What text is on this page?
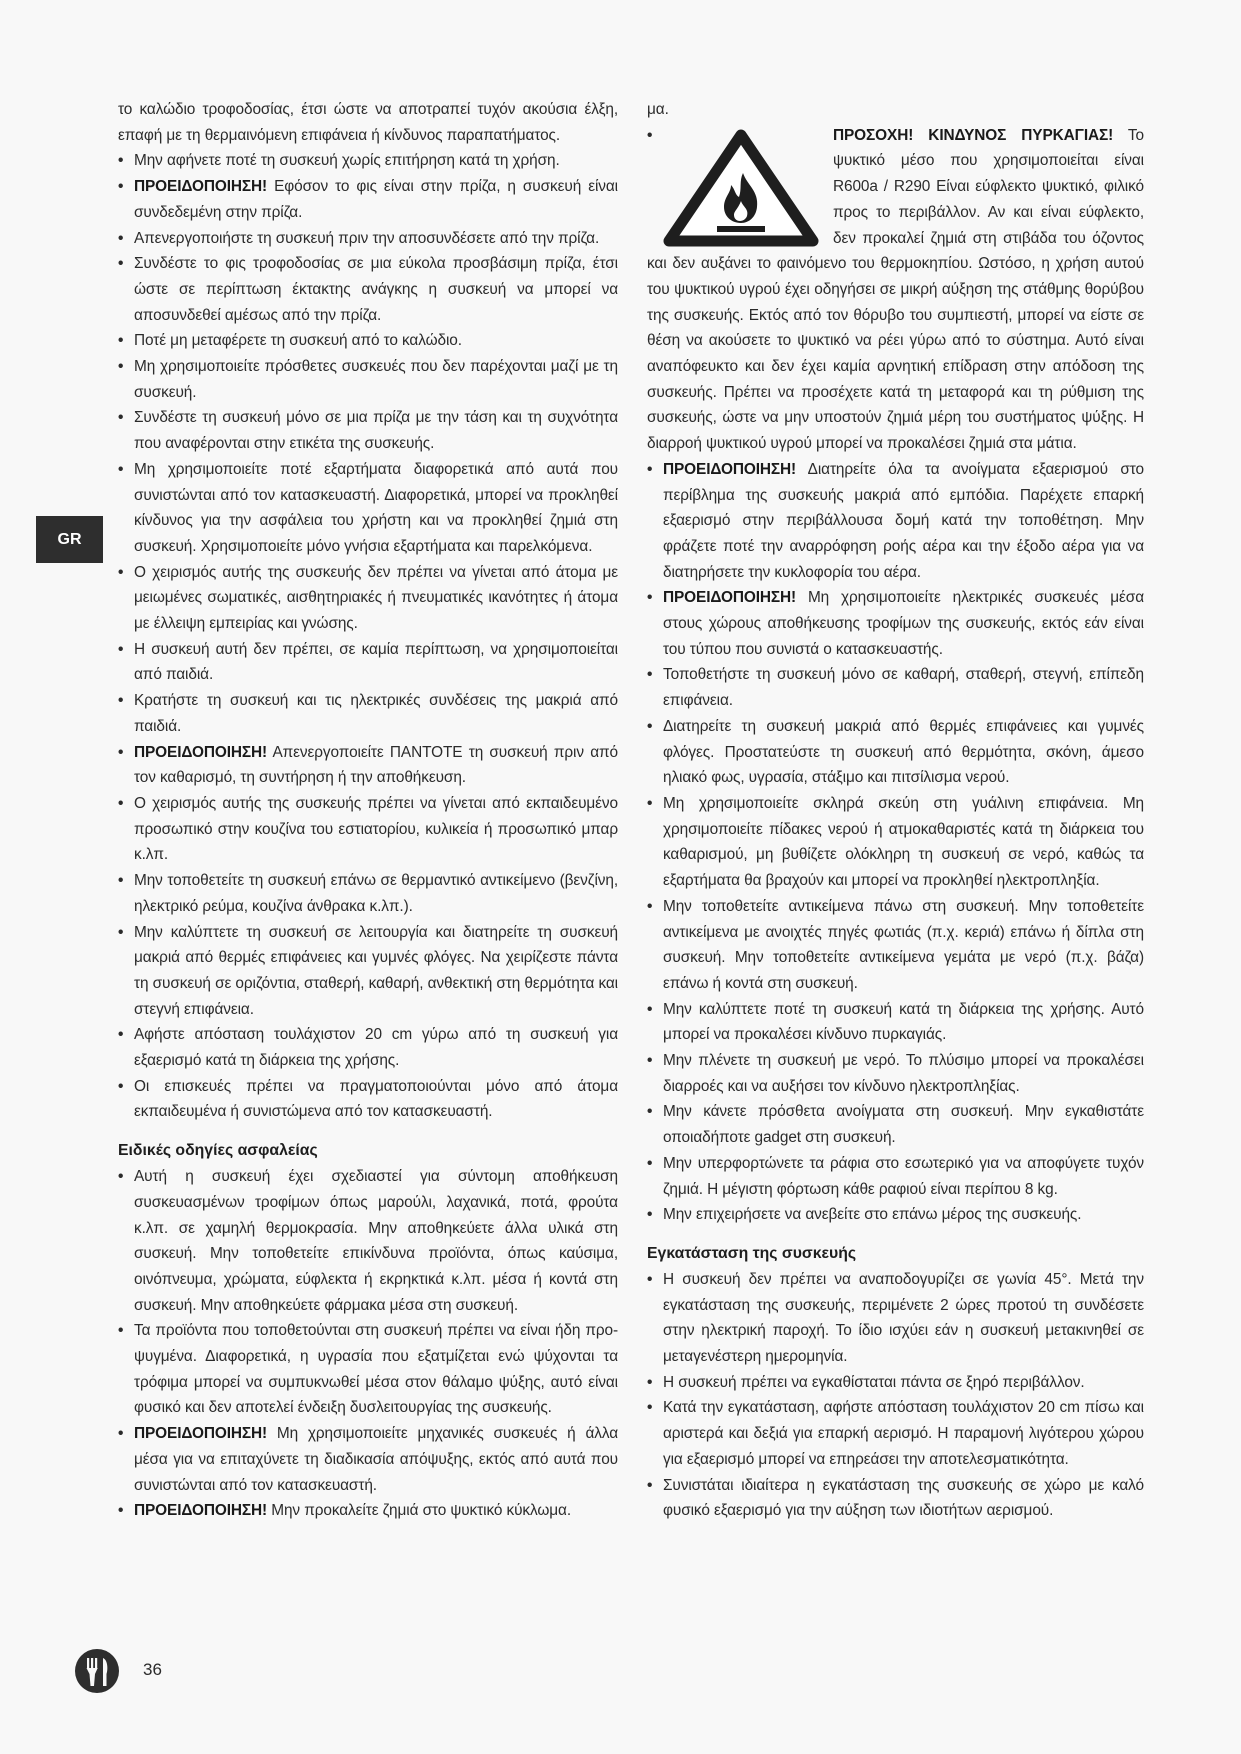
GR

το καλώδιο τροφοδοσίας, έτσι ώστε να αποτραπεί τυχόν ακούσια έλξη, επαφή με τη θερμαινόμενη επιφάνεια ή κίνδυνος παραπατήματος.

• Μην αφήνετε ποτέ τη συσκευή χωρίς επιτήρηση κατά τη χρήση.
• ΠΡΟΕΙΔΟΠΟΙΗΣΗ! Εφόσον το φις είναι στην πρίζα, η συσκευή είναι συνδεδεμένη στην πρίζα.
• Απενεργοποιήστε τη συσκευή πριν την αποσυνδέσετε από την πρίζα.
• Συνδέστε το φις τροφοδοσίας σε μια εύκολα προσβάσιμη πρίζα, έτσι ώστε σε περίπτωση έκτακτης ανάγκης η συσκευή να μπορεί να αποσυνδεθεί αμέσως από την πρίζα.
• Ποτέ μη μεταφέρετε τη συσκευή από το καλώδιο.
• Μη χρησιμοποιείτε πρόσθετες συσκευές που δεν παρέχονται μαζί με τη συσκευή.
• Συνδέστε τη συσκευή μόνο σε μια πρίζα με την τάση και τη συχνότητα που αναφέρονται στην ετικέτα της συσκευής.
• Μη χρησιμοποιείτε ποτέ εξαρτήματα διαφορετικά από αυτά που συνιστώνται από τον κατασκευαστή. Διαφορετικά, μπορεί να προκληθεί κίνδυνος για την ασφάλεια του χρήστη και να προκληθεί ζημιά στη συσκευή. Χρησιμοποιείτε μόνο γνήσια εξαρτήματα και παρελκόμενα.
• Ο χειρισμός αυτής της συσκευής δεν πρέπει να γίνεται από άτομα με μειωμένες σωματικές, αισθητηριακές ή πνευματικές ικανότητες ή άτομα με έλλειψη εμπειρίας και γνώσης.
• Η συσκευή αυτή δεν πρέπει, σε καμία περίπτωση, να χρησιμοποιείται από παιδιά.
• Κρατήστε τη συσκευή και τις ηλεκτρικές συνδέσεις της μακριά από παιδιά.
• ΠΡΟΕΙΔΟΠΟΙΗΣΗ! Απενεργοποιείτε ΠΑΝΤΟΤΕ τη συσκευή πριν από τον καθαρισμό, τη συντήρηση ή την αποθήκευση.
• Ο χειρισμός αυτής της συσκευής πρέπει να γίνεται από εκπαιδευμένο προσωπικό στην κουζίνα του εστιατορίου, κυλικεία ή προσωπικό μπαρ κ.λπ.
• Μην τοποθετείτε τη συσκευή επάνω σε θερμαντικό αντικείμενο (βενζίνη, ηλεκτρικό ρεύμα, κουζίνα άνθρακα κ.λπ.).
• Μην καλύπτετε τη συσκευή σε λειτουργία και διατηρείτε τη συσκευή μακριά από θερμές επιφάνειες και γυμνές φλόγες. Να χειρίζεστε πάντα τη συσκευή σε οριζόντια, σταθερή, καθαρή, ανθεκτική στη θερμότητα και στεγνή επιφάνεια.
• Αφήστε απόσταση τουλάχιστον 20 cm γύρω από τη συσκευή για εξαερισμό κατά τη διάρκεια της χρήσης.
• Οι επισκευές πρέπει να πραγματοποιούνται μόνο από άτομα εκπαιδευμένα ή συνιστώμενα από τον κατασκευαστή.
Ειδικές οδηγίες ασφαλείας
• Αυτή η συσκευή έχει σχεδιαστεί για σύντομη αποθήκευση συσκευασμένων τροφίμων όπως μαρούλι, λαχανικά, ποτά, φρούτα κ.λπ. σε χαμηλή θερμοκρασία. Μην αποθηκεύετε άλλα υλικά στη συσκευή. Μην τοποθετείτε επικίνδυνα προϊόντα, όπως καύσιμα, οινόπνευμα, χρώματα, εύφλεκτα ή εκρηκτικά κ.λπ. μέσα ή κοντά στη συσκευή. Μην αποθηκεύετε φάρμακα μέσα στη συσκευή.
• Τα προϊόντα που τοποθετούνται στη συσκευή πρέπει να είναι ήδη προ-ψυγμένα. Διαφορετικά, η υγρασία που εξατμίζεται ενώ ψύχονται τα τρόφιμα μπορεί να συμπυκνωθεί μέσα στον θάλαμο ψύξης, αυτό είναι φυσικό και δεν αποτελεί ένδειξη δυσλειτουργίας της συσκευής.
• ΠΡΟΕΙΔΟΠΟΙΗΣΗ! Μη χρησιμοποιείτε μηχανικές συσκευές ή άλλα μέσα για να επιταχύνετε τη διαδικασία απόψυξης, εκτός από αυτά που συνιστώνται από τον κατασκευαστή.
• ΠΡΟΕΙΔΟΠΟΙΗΣΗ! Μην προκαλείτε ζημιά στο ψυκτικό κύκλωμα.

μα.

•	ΠΡΟΣΟΧΗ! ΚΙΝΔΥΝΟΣ ΠΥΡΚΑΓΙΑΣ! Το ψυκτικό μέσο που χρησιμοποιείται είναι R600a / R290 Είναι εύφλεκτο ψυκτικό, φιλικό προς το περιβάλλον. Αν και είναι εύφλεκτο, δεν προκαλεί ζημιά στη στιβάδα του όζοντος και δεν αυξάνει το φαινόμενο του θερμοκηπίου. Ωστόσο, η χρήση αυτού του ψυκτικού υγρού έχει οδηγήσει σε μικρή αύξηση της στάθμης θορύβου της συσκευής. Εκτός από τον θόρυβο του συμπιεστή, μπορεί να είστε σε θέση να ακούσετε το ψυκτικό να ρέει γύρω από το σύστημα. Αυτό είναι αναπόφευκτο και δεν έχει καμία αρνητική επίδραση στην απόδοση της συσκευής. Πρέπει να προσέχετε κατά τη μεταφορά και τη ρύθμιση της συσκευής, ώστε να μην υποστούν ζημιά μέρη του συστήματος ψύξης. Η διαρροή ψυκτικού υγρού μπορεί να προκαλέσει ζημιά στα μάτια.
• ΠΡΟΕΙΔΟΠΟΙΗΣΗ! Διατηρείτε όλα τα ανοίγματα εξαερισμού στο περίβλημα της συσκευής μακριά από εμπόδια. Παρέχετε επαρκή εξαερισμό στην περιβάλλουσα δομή κατά την τοποθέτηση. Μην φράζετε ποτέ την αναρρόφηση ροής αέρα και την έξοδο αέρα για να διατηρήσετε την κυκλοφορία του αέρα.
• ΠΡΟΕΙΔΟΠΟΙΗΣΗ! Μη χρησιμοποιείτε ηλεκτρικές συσκευές μέσα στους χώρους αποθήκευσης τροφίμων της συσκευής, εκτός εάν είναι του τύπου που συνιστά ο κατασκευαστής.
• Τοποθετήστε τη συσκευή μόνο σε καθαρή, σταθερή, στεγνή, επίπεδη επιφάνεια.
• Διατηρείτε τη συσκευή μακριά από θερμές επιφάνειες και γυμνές φλόγες. Προστατεύστε τη συσκευή από θερμότητα, σκόνη, άμεσο ηλιακό φως, υγρασία, στάξιμο και πιτσίλισμα νερού.
• Μη χρησιμοποιείτε σκληρά σκεύη στη γυάλινη επιφάνεια. Μη χρησιμοποιείτε πίδακες νερού ή ατμοκαθαριστές κατά τη διάρκεια του καθαρισμού, μη βυθίζετε ολόκληρη τη συσκευή σε νερό, καθώς τα εξαρτήματα θα βραχούν και μπορεί να προκληθεί ηλεκτροπληξία.
• Μην τοποθετείτε αντικείμενα πάνω στη συσκευή. Μην τοποθετείτε αντικείμενα με ανοιχτές πηγές φωτιάς (π.χ. κεριά) επάνω ή δίπλα στη συσκευή. Μην τοποθετείτε αντικείμενα γεμάτα με νερό (π.χ. βάζα) επάνω ή κοντά στη συσκευή.
• Μην καλύπτετε ποτέ τη συσκευή κατά τη διάρκεια της χρήσης. Αυτό μπορεί να προκαλέσει κίνδυνο πυρκαγιάς.
• Μην πλένετε τη συσκευή με νερό. Το πλύσιμο μπορεί να προκαλέσει διαρροές και να αυξήσει τον κίνδυνο ηλεκτροπληξίας.
• Μην κάνετε πρόσθετα ανοίγματα στη συσκευή. Μην εγκαθιστάτε οποιαδήποτε gadget στη συσκευή.
• Μην υπερφορτώνετε τα ράφια στο εσωτερικό για να αποφύγετε τυχόν ζημιά. Η μέγιστη φόρτωση κάθε ραφιού είναι περίπου 8 kg.
• Μην επιχειρήσετε να ανεβείτε στο επάνω μέρος της συσκευής.
Εγκατάσταση της συσκευής
• Η συσκευή δεν πρέπει να αναποδογυρίζει σε γωνία 45°. Μετά την εγκατάσταση της συσκευής, περιμένετε 2 ώρες προτού τη συνδέσετε στην ηλεκτρική παροχή. Το ίδιο ισχύει εάν η συσκευή μετακινηθεί σε μεταγενέστερη ημερομηνία.
• Η συσκευή πρέπει να εγκαθίσταται πάντα σε ξηρό περιβάλλον.
• Κατά την εγκατάσταση, αφήστε απόσταση τουλάχιστον 20 cm πίσω και αριστερά και δεξιά για επαρκή αερισμό. Η παραμονή λιγότερου χώρου για εξαερισμό μπορεί να επηρεάσει την αποτελεσματικότητα.
• Συνιστάται ιδιαίτερα η εγκατάσταση της συσκευής σε χώρο με καλό φυσικό εξαερισμό για την αύξηση των ιδιοτήτων αερισμού.
36
